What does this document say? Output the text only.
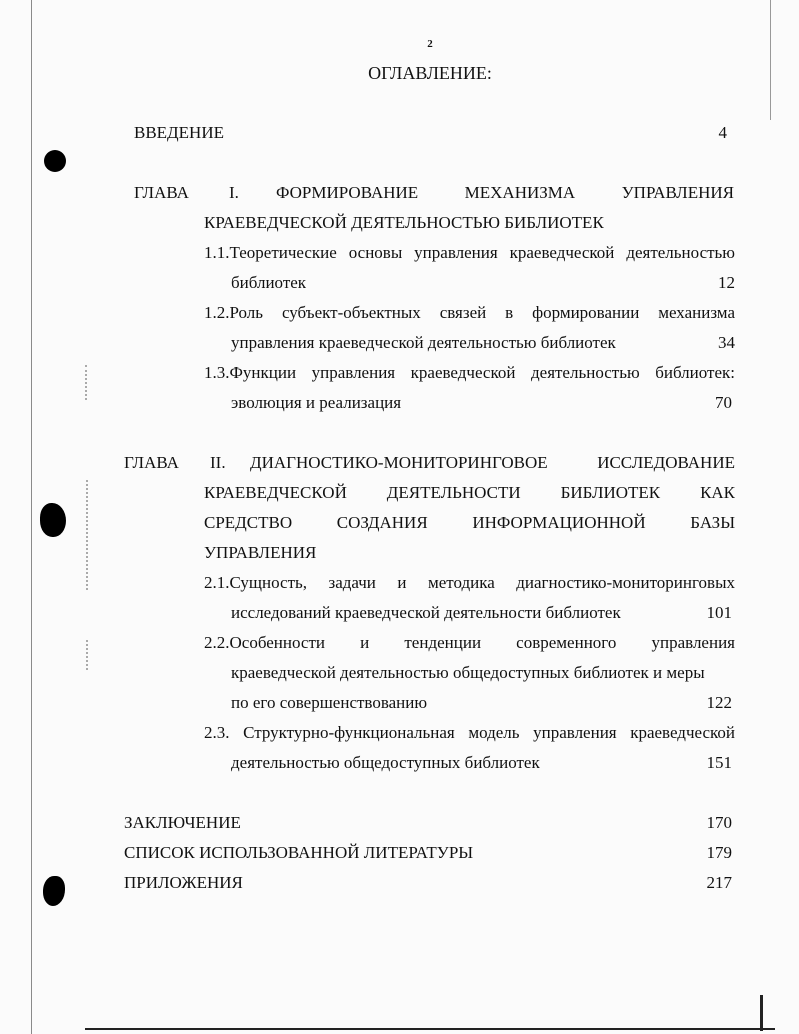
2
ОГЛАВЛЕНИЕ:
ВВЕДЕНИЕ	4
ГЛАВА I. ФОРМИРОВАНИЕ	МЕХАНИЗМА	УПРАВЛЕНИЯ
КРАЕВЕДЧЕСКОЙ ДЕЯТЕЛЬНОСТЬЮ БИБЛИОТЕК
1.1.Теоретические основы управления краеведческой деятельностью
библиотек	12
1.2.Роль субъект-объектных связей в формировании механизма
управления краеведческой деятельностью библиотек	34
1.3.Функции управления краеведческой деятельностью библиотек:
эволюция и реализация	70
ГЛАВА II. ДИАГНОСТИКО-МОНИТОРИНГОВОЕ	ИССЛЕДОВАНИЕ
КРАЕВЕДЧЕСКОЙ ДЕЯТЕЛЬНОСТИ БИБЛИОТЕК КАК
СРЕДСТВО	СОЗДАНИЯ	ИНФОРМАЦИОННОЙ	БАЗЫ
УПРАВЛЕНИЯ
2.1.Сущность, задачи и методика диагностико-мониторинговых
исследований краеведческой деятельности библиотек	101
2.2.Особенности и тенденции современного управления
краеведческой деятельностью общедоступных библиотек и меры
по его совершенствованию	122
2.3. Структурно-функциональная модель управления краеведческой
деятельностью общедоступных библиотек	151
ЗАКЛЮЧЕНИЕ	170
СПИСОК ИСПОЛЬЗОВАННОЙ ЛИТЕРАТУРЫ	179
ПРИЛОЖЕНИЯ	217
